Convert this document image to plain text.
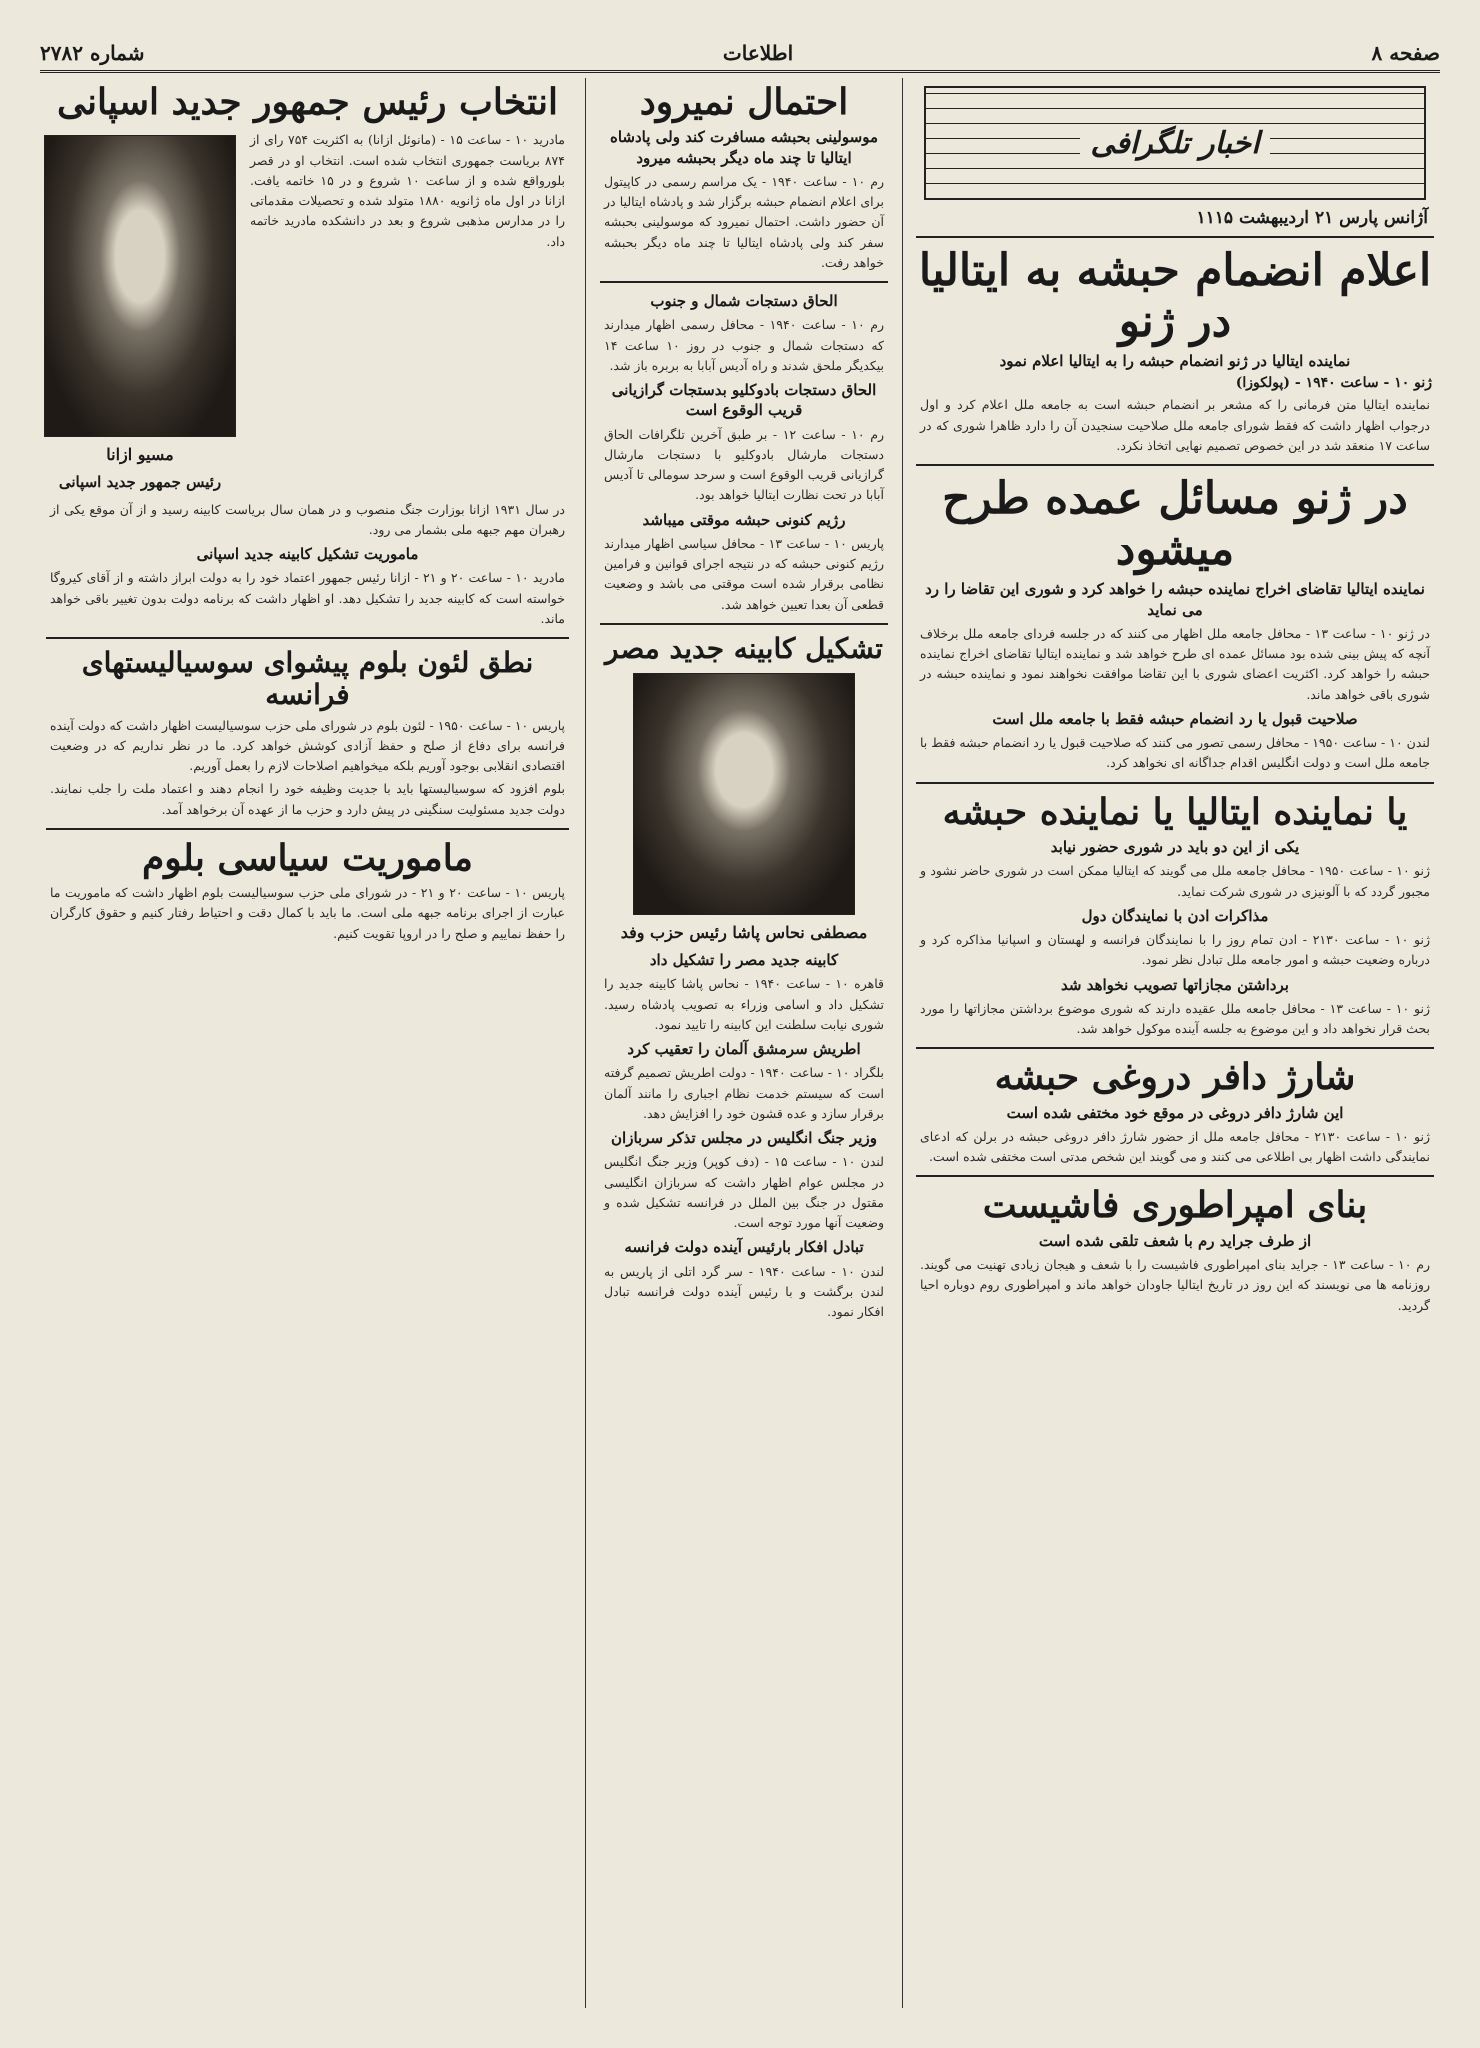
صفحه ۸
اطلاعات
شماره ۲۷۸۲
اخبار تلگرافی
آژانس پارس ۲۱ اردیبهشت ۱۱۱۵
اعلام انضمام حبشه به ایتالیا در ژنو
نماینده ایتالیا در ژنو انضمام حبشه را به ایتالیا اعلام نمود
ژنو ۱۰ - ساعت ۱۹۴۰ - (پولکوزا)
نماینده ایتالیا متن فرمانی را که مشعر بر انضمام حبشه است به جامعه ملل اعلام کرد و اول درجواب اظهار داشت که فقط شورای جامعه ملل صلاحیت سنجیدن آن را دارد ظاهرا شوری که در ساعت ۱۷ منعقد شد در این خصوص تصمیم نهایی اتخاذ نکرد.
در ژنو مسائل عمده طرح میشود
نماینده ایتالیا تقاضای اخراج نماینده حبشه را خواهد کرد و شوری این تقاضا را رد می نماید
در ژنو ۱۰ - ساعت ۱۳ - محافل جامعه ملل اظهار می کنند که در جلسه فردای جامعه ملل برخلاف آنچه که پیش بینی شده بود مسائل عمده ای طرح خواهد شد و نماینده ایتالیا تقاضای اخراج نماینده حبشه را خواهد کرد. اکثریت اعضای شوری با این تقاضا موافقت نخواهند نمود و نماینده حبشه در شوری باقی خواهد ماند.
صلاحیت قبول یا رد انضمام حبشه فقط با جامعه ملل است
لندن ۱۰ - ساعت ۱۹۵۰ - محافل رسمی تصور می کنند که صلاحیت قبول یا رد انضمام حبشه فقط با جامعه ملل است و دولت انگلیس اقدام جداگانه ای نخواهد کرد.
یا نماینده ایتالیا یا نماینده حبشه
یکی از این دو باید در شوری حضور نیابد
ژنو ۱۰ - ساعت ۱۹۵۰ - محافل جامعه ملل می گویند که ایتالیا ممکن است در شوری حاضر نشود و مجبور گردد که با آلونیزی در شوری شرکت نماید.
مذاکرات ادن با نمایندگان دول
ژنو ۱۰ - ساعت ۲۱۳۰ - ادن تمام روز را با نمایندگان فرانسه و لهستان و اسپانیا مذاکره کرد و درباره وضعیت حبشه و امور جامعه ملل تبادل نظر نمود.
برداشتن مجازاتها تصویب نخواهد شد
ژنو ۱۰ - ساعت ۱۳ - محافل جامعه ملل عقیده دارند که شوری موضوع برداشتن مجازاتها را مورد بحث قرار نخواهد داد و این موضوع به جلسه آینده موکول خواهد شد.
شارژ دافر دروغی حبشه
این شارژ دافر دروغی در موقع خود مختفی شده است
ژنو ۱۰ - ساعت ۲۱۳۰ - محافل جامعه ملل از حضور شارژ دافر دروغی حبشه در برلن که ادعای نمایندگی داشت اظهار بی اطلاعی می کنند و می گویند این شخص مدتی است مختفی شده است.
بنای امپراطوری فاشیست
از طرف جراید رم با شعف تلقی شده است
رم ۱۰ - ساعت ۱۳ - جراید بنای امپراطوری فاشیست را با شعف و هیجان زیادی تهنیت می گویند. روزنامه ها می نویسند که این روز در تاریخ ایتالیا جاودان خواهد ماند و امپراطوری روم دوباره احیا گردید.
احتمال نمیرود
موسولینی بحبشه مسافرت کند ولی پادشاه ایتالیا تا چند ماه دیگر بحبشه میرود
رم ۱۰ - ساعت ۱۹۴۰ - یک مراسم رسمی در کاپیتول برای اعلام انضمام حبشه برگزار شد و پادشاه ایتالیا در آن حضور داشت. احتمال نمیرود که موسولینی بحبشه سفر کند ولی پادشاه ایتالیا تا چند ماه دیگر بحبشه خواهد رفت.
الحاق دستجات شمال و جنوب
رم ۱۰ - ساعت ۱۹۴۰ - محافل رسمی اظهار میدارند که دستجات شمال و جنوب در روز ۱۰ ساعت ۱۴ بیکدیگر ملحق شدند و راه آدیس آبابا به بربره باز شد.
الحاق دستجات بادوکلیو بدستجات گرازیانی قریب الوقوع است
رم ۱۰ - ساعت ۱۲ - بر طبق آخرین تلگرافات الحاق دستجات مارشال بادوکلیو با دستجات مارشال گرازیانی قریب الوقوع است و سرحد سومالی تا آدیس آبابا در تحت نظارت ایتالیا خواهد بود.
رژیم کنونی حبشه موقتی میباشد
پاریس ۱۰ - ساعت ۱۳ - محافل سیاسی اظهار میدارند رژیم کنونی حبشه که در نتیجه اجرای قوانین و فرامین نظامی برقرار شده است موقتی می باشد و وضعیت قطعی آن بعدا تعیین خواهد شد.
تشکیل کابینه جدید مصر
مصطفی نحاس پاشا رئیس حزب وفد
کابینه جدید مصر را تشکیل داد
قاهره ۱۰ - ساعت ۱۹۴۰ - نحاس پاشا کابینه جدید را تشکیل داد و اسامی وزراء به تصویب پادشاه رسید. شوری نیابت سلطنت این کابینه را تایید نمود.
اطریش سرمشق آلمان را تعقیب کرد
بلگراد ۱۰ - ساعت ۱۹۴۰ - دولت اطریش تصمیم گرفته است که سیستم خدمت نظام اجباری را مانند آلمان برقرار سازد و عده قشون خود را افزایش دهد.
وزیر جنگ انگلیس در مجلس تذکر سربازان
لندن ۱۰ - ساعت ۱۵ - (دف کوپر) وزیر جنگ انگلیس در مجلس عوام اظهار داشت که سربازان انگلیسی مقتول در جنگ بین الملل در فرانسه تشکیل شده و وضعیت آنها مورد توجه است.
تبادل افکار بارئیس آینده دولت فرانسه
لندن ۱۰ - ساعت ۱۹۴۰ - سر گرد اتلی از پاریس به لندن برگشت و با رئیس آینده دولت فرانسه تبادل افکار نمود.
انتخاب رئیس جمهور جدید اسپانی
مسیو ازانا
رئیس جمهور جدید اسپانی
مادرید ۱۰ - ساعت ۱۵ - (مانوئل ازانا) به اکثریت ۷۵۴ رای از ۸۷۴ بریاست جمهوری انتخاب شده است. انتخاب او در قصر بلورواقع شده و از ساعت ۱۰ شروع و در ۱۵ خاتمه یافت. ازانا در اول ماه ژانویه ۱۸۸۰ متولد شده و تحصیلات مقدماتی را در مدارس مذهبی شروع و بعد در دانشکده مادرید خاتمه داد.
در سال ۱۹۳۱ ازانا بوزارت جنگ منصوب و در همان سال بریاست کابینه رسید و از آن موقع یکی از رهبران مهم جبهه ملی بشمار می رود.
ماموریت تشکیل کابینه جدید اسپانی
مادرید ۱۰ - ساعت ۲۰ و ۲۱ - ازانا رئیس جمهور اعتماد خود را به دولت ابراز داشته و از آقای کیروگا خواسته است که کابینه جدید را تشکیل دهد. او اظهار داشت که برنامه دولت بدون تغییر باقی خواهد ماند.
نطق لئون بلوم پیشوای سوسیالیستهای فرانسه
پاریس ۱۰ - ساعت ۱۹۵۰ - لئون بلوم در شورای ملی حزب سوسیالیست اظهار داشت که دولت آینده فرانسه برای دفاع از صلح و حفظ آزادی کوشش خواهد کرد. ما در نظر نداریم که در وضعیت اقتصادی انقلابی بوجود آوریم بلکه میخواهیم اصلاحات لازم را بعمل آوریم.
بلوم افزود که سوسیالیستها باید با جدیت وظیفه خود را انجام دهند و اعتماد ملت را جلب نمایند. دولت جدید مسئولیت سنگینی در پیش دارد و حزب ما از عهده آن برخواهد آمد.
ماموریت سیاسی بلوم
پاریس ۱۰ - ساعت ۲۰ و ۲۱ - در شورای ملی حزب سوسیالیست بلوم اظهار داشت که ماموریت ما عبارت از اجرای برنامه جبهه ملی است. ما باید با کمال دقت و احتیاط رفتار کنیم و حقوق کارگران را حفظ نماییم و صلح را در اروپا تقویت کنیم.
